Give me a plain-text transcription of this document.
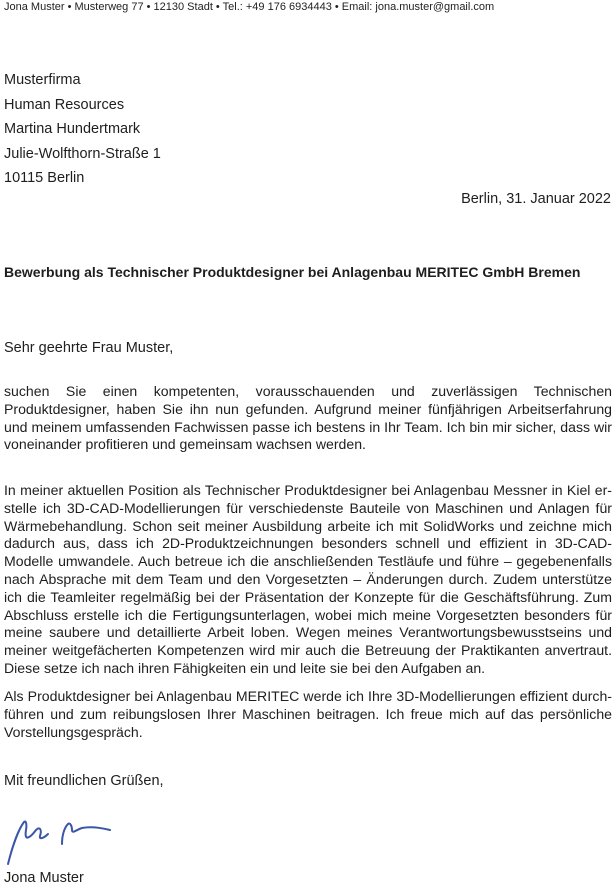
Jona Muster • Musterweg 77 • 12130 Stadt • Tel.: +49 176 6934443 • Email: jona.muster@gmail.com
Musterfirma
Human Resources
Martina Hundertmark
Julie-Wolfthorn-Straße 1
10115 Berlin
Berlin, 31. Januar 2022
Bewerbung als Technischer Produktdesigner bei Anlagenbau MERITEC GmbH Bremen
Sehr geehrte Frau Muster,
suchen Sie einen kompetenten, vorausschauenden und zuverlässigen Technischen Produktdesigner, haben Sie ihn nun gefunden. Aufgrund meiner fünfjährigen Arbeitserfahrung und meinem umfassenden Fachwissen passe ich bestens in Ihr Team. Ich bin mir sicher, dass wir voneinander profitieren und gemeinsam wachsen werden.
In meiner aktuellen Position als Technischer Produktdesigner bei Anlagenbau Messner in Kiel erstelle ich 3D-CAD-Modellierungen für verschiedenste Bauteile von Maschinen und Anlagen für Wärmebehandlung. Schon seit meiner Ausbildung arbeite ich mit SolidWorks und zeichne mich dadurch aus, dass ich 2D-Produktzeichnungen besonders schnell und effizient in 3D-CAD-Modelle umwandele. Auch betreue ich die anschließenden Testläufe und führe – gegebenenfalls nach Absprache mit dem Team und den Vorgesetzten – Änderungen durch. Zudem unterstütze ich die Teamleiter regelmäßig bei der Präsentation der Konzepte für die Geschäftsführung. Zum Abschluss erstelle ich die Fertigungsunterlagen, wobei mich meine Vorgesetzten besonders für meine saubere und detaillierte Arbeit loben. Wegen meines Verantwortungsbewusstseins und meiner weitgefächerten Kompetenzen wird mir auch die Betreuung der Praktikanten anvertraut. Diese setze ich nach ihren Fähigkeiten ein und leite sie bei den Aufgaben an.
Als Produktdesigner bei Anlagenbau MERITEC werde ich Ihre 3D-Modellierungen effizient durchführen und zum reibungslosen Ihrer Maschinen beitragen. Ich freue mich auf das persönliche Vorstellungsgespräch.
Mit freundlichen Grüßen,
Jona Muster
